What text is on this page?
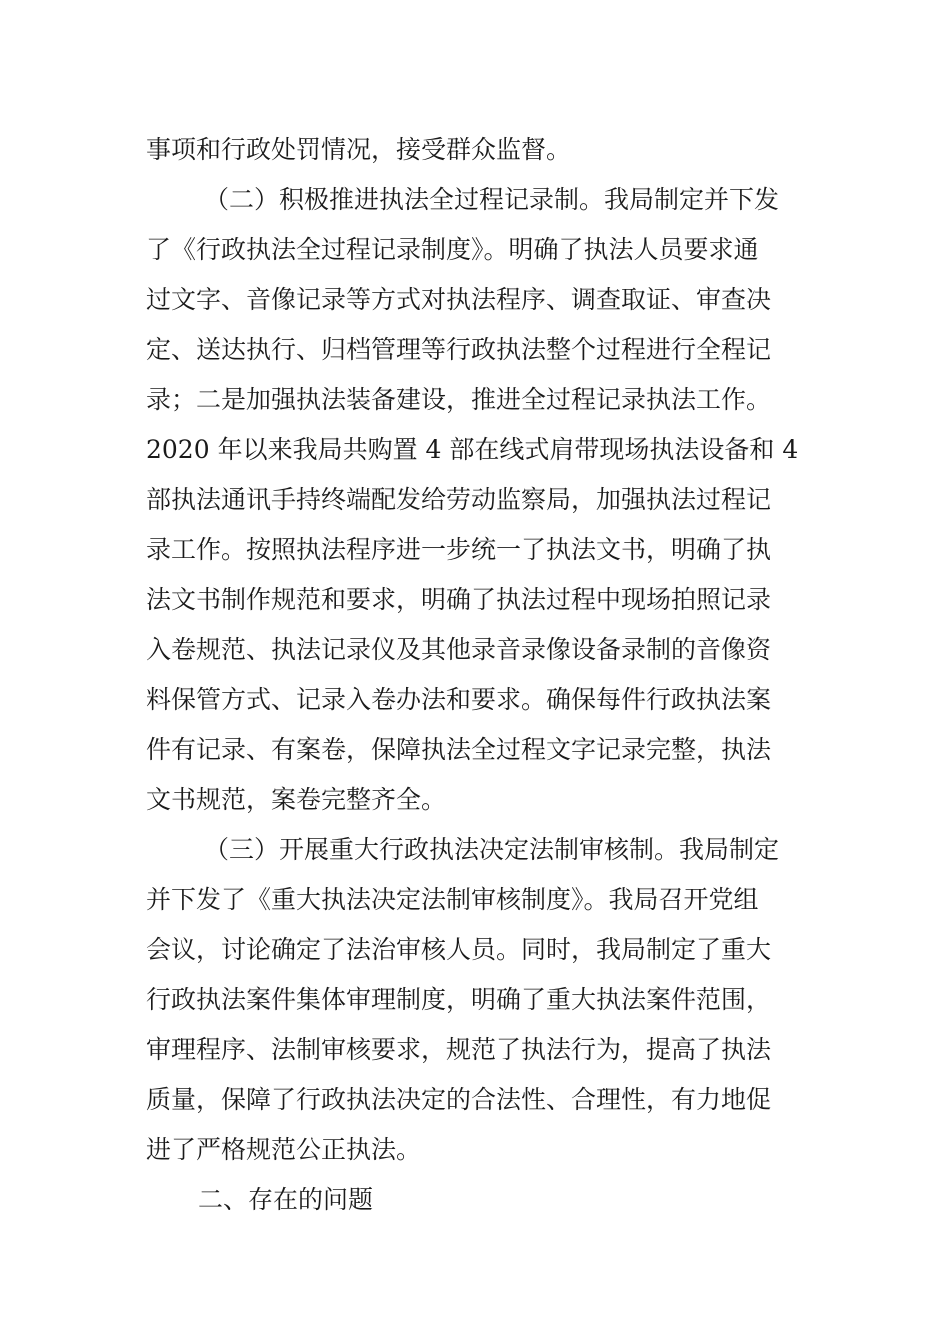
事项和行政处罚情况，接受群众监督。
（二）积极推进执法全过程记录制。我局制定并下发
了《行政执法全过程记录制度》。明确了执法人员要求通
过文字、音像记录等方式对执法程序、调查取证、审查决
定、送达执行、归档管理等行政执法整个过程进行全程记
录；二是加强执法装备建设，推进全过程记录执法工作。
2020 年以来我局共购置 4 部在线式肩带现场执法设备和 4
部执法通讯手持终端配发给劳动监察局，加强执法过程记
录工作。按照执法程序进一步统一了执法文书，明确了执
法文书制作规范和要求，明确了执法过程中现场拍照记录
入卷规范、执法记录仪及其他录音录像设备录制的音像资
料保管方式、记录入卷办法和要求。确保每件行政执法案
件有记录、有案卷，保障执法全过程文字记录完整，执法
文书规范，案卷完整齐全。
（三）开展重大行政执法决定法制审核制。我局制定
并下发了《重大执法决定法制审核制度》。我局召开党组
会议，讨论确定了法治审核人员。同时，我局制定了重大
行政执法案件集体审理制度，明确了重大执法案件范围，
审理程序、法制审核要求，规范了执法行为，提高了执法
质量，保障了行政执法决定的合法性、合理性，有力地促
进了严格规范公正执法。
二、存在的问题
